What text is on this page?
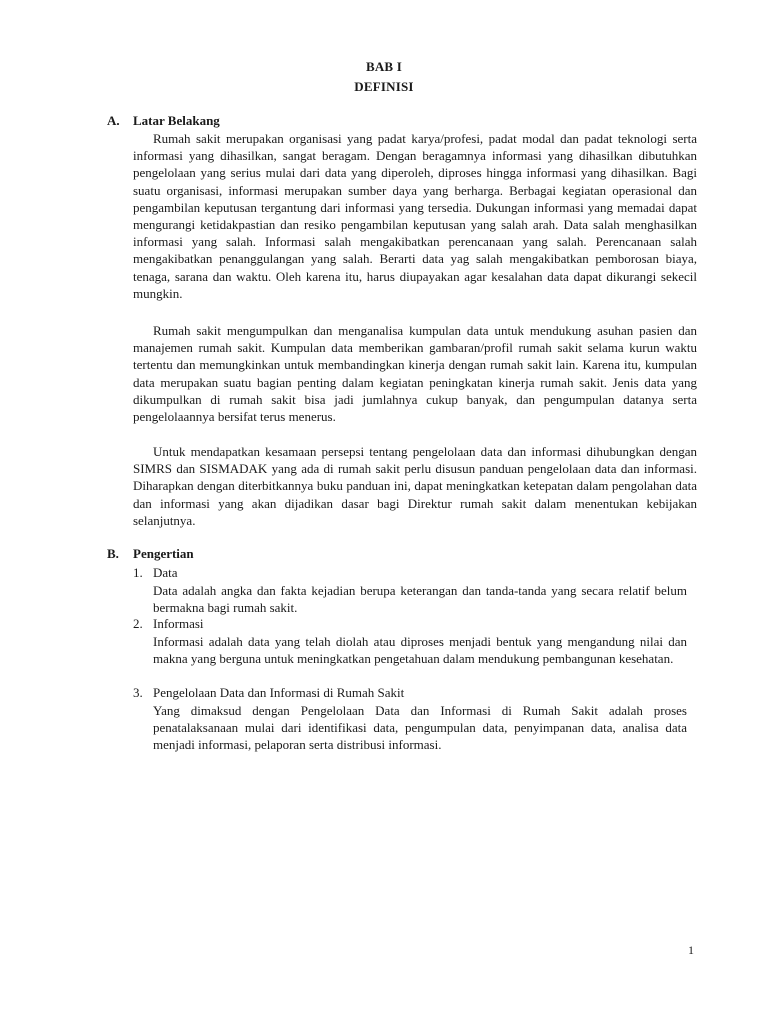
BAB I
DEFINISI
A. Latar Belakang

Rumah sakit merupakan organisasi yang padat karya/profesi, padat modal dan padat teknologi serta informasi yang dihasilkan, sangat beragam. Dengan beragamnya informasi yang dihasilkan dibutuhkan pengelolaan yang serius mulai dari data yang diperoleh, diproses hingga informasi yang dihasilkan. Bagi suatu organisasi, informasi merupakan sumber daya yang berharga. Berbagai kegiatan operasional dan pengambilan keputusan tergantung dari informasi yang tersedia. Dukungan informasi yang memadai dapat mengurangi ketidakpastian dan resiko pengambilan keputusan yang salah arah. Data salah menghasilkan informasi yang salah. Informasi salah mengakibatkan perencanaan yang salah. Perencanaan salah mengakibatkan penanggulangan yang salah. Berarti data yag salah mengakibatkan pemborosan biaya, tenaga, sarana dan waktu. Oleh karena itu, harus diupayakan agar kesalahan data dapat dikurangi sekecil mungkin.

Rumah sakit mengumpulkan dan menganalisa kumpulan data untuk mendukung asuhan pasien dan manajemen rumah sakit. Kumpulan data memberikan gambaran/profil rumah sakit selama kurun waktu tertentu dan memungkinkan untuk membandingkan kinerja dengan rumah sakit lain. Karena itu, kumpulan data merupakan suatu bagian penting dalam kegiatan peningkatan kinerja rumah sakit. Jenis data yang dikumpulkan di rumah sakit bisa jadi jumlahnya cukup banyak, dan pengumpulan datanya serta pengelolaannya bersifat terus menerus.

Untuk mendapatkan kesamaan persepsi tentang pengelolaan data dan informasi dihubungkan dengan SIMRS dan SISMADAK yang ada di rumah sakit perlu disusun panduan pengelolaan data dan informasi. Diharapkan dengan diterbitkannya buku panduan ini, dapat meningkatkan ketepatan dalam pengolahan data dan informasi yang akan dijadikan dasar bagi Direktur rumah sakit dalam menentukan kebijakan selanjutnya.

B. Pengertian
1. Data

Data adalah angka dan fakta kejadian berupa keterangan dan tanda-tanda yang secara relatif belum bermakna bagi rumah sakit.

2. Informasi

Informasi adalah data yang telah diolah atau diproses menjadi bentuk yang mengandung nilai dan makna yang berguna untuk meningkatkan pengetahuan dalam mendukung pembangunan kesehatan.

3. Pengelolaan Data dan Informasi di Rumah Sakit

Yang dimaksud dengan Pengelolaan Data dan Informasi di Rumah Sakit adalah proses penatalaksanaan mulai dari identifikasi data, pengumpulan data, penyimpanan data, analisa data menjadi informasi, pelaporan serta distribusi informasi.

1
